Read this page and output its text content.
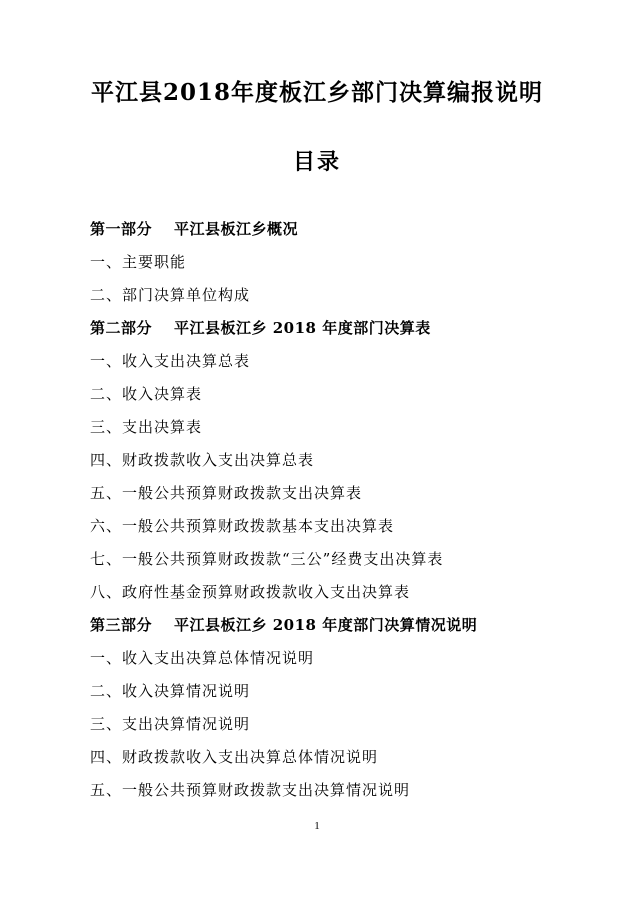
平江县2018年度板江乡部门决算编报说明
目录
第一部分 平江县板江乡概况
一、主要职能
二、部门决算单位构成
第二部分 平江县板江乡 2018 年度部门决算表
一、收入支出决算总表
二、收入决算表
三、支出决算表
四、财政拨款收入支出决算总表
五、一般公共预算财政拨款支出决算表
六、一般公共预算财政拨款基本支出决算表
七、一般公共预算财政拨款“三公”经费支出决算表
八、政府性基金预算财政拨款收入支出决算表
第三部分 平江县板江乡 2018 年度部门决算情况说明
一、收入支出决算总体情况说明
二、收入决算情况说明
三、支出决算情况说明
四、财政拨款收入支出决算总体情况说明
五、一般公共预算财政拨款支出决算情况说明
1
